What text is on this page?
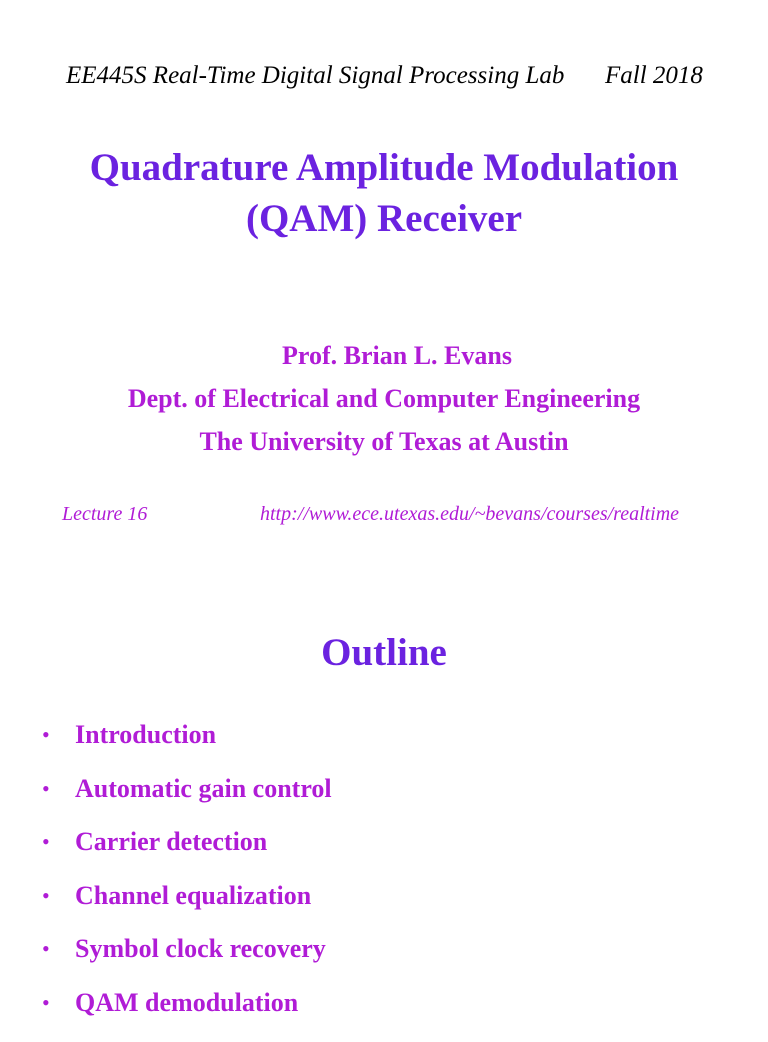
EE445S Real-Time Digital Signal Processing Lab Fall 2018
Quadrature Amplitude Modulation
(QAM) Receiver
Prof. Brian L. Evans
Dept. of Electrical and Computer Engineering
The University of Texas at Austin
Lecture 16	http://www.ece.utexas.edu/~bevans/courses/realtime
Outline
• Introduction
• Automatic gain control
• Carrier detection
• Channel equalization
• Symbol clock recovery
• QAM demodulation
